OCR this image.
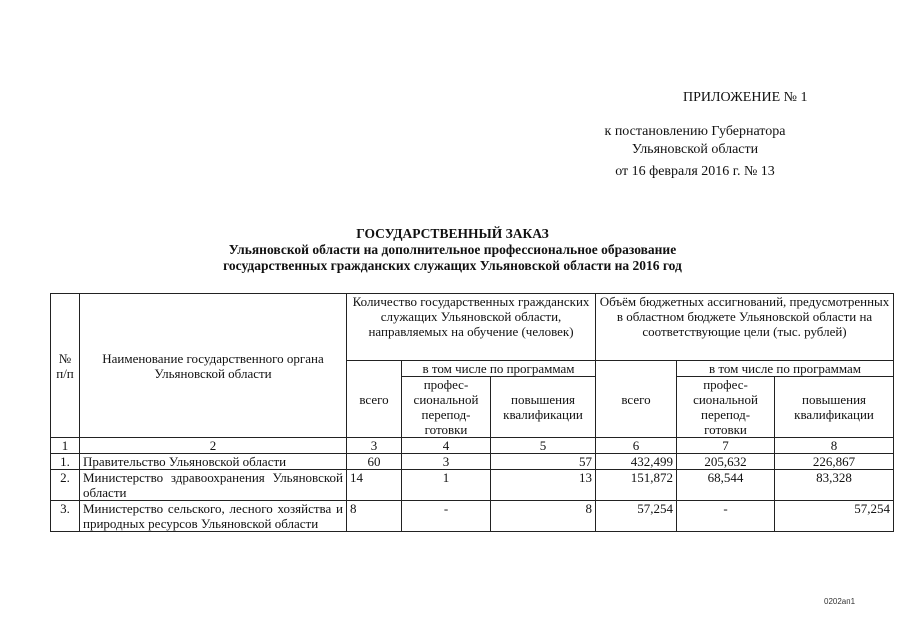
ПРИЛОЖЕНИЕ № 1
к постановлению Губернатора
Ульяновской области
от 16 февраля 2016 г. № 13
ГОСУДАРСТВЕННЫЙ ЗАКАЗ
Ульяновской области на дополнительное профессиональное образование
государственных гражданских служащих Ульяновской области на 2016 год
№ п/п	Наименование государственного органа Ульяновской области	Количество государственных гражданских служащих Ульяновской области, направляемых на обучение (человек)			Объём бюджетных ассигнований, предусмотренных в областном бюджете Ульяновской области на соответствующие цели (тыс. рублей)		
		всего	в том числе по программам		всего	в том числе по программам	
			профес-сиональной перепод-готовки	повышения квалификации		профес-сиональной перепод-готовки	повышения квалификации
1	2	3	4	5	6	7	8
1.	Правительство Ульяновской области	60	3	57	432,499	205,632	226,867
2.	Министерство здравоохранения Ульяновской области	14	1	13	151,872	68,544	83,328
3.	Министерство сельского, лесного хозяйства и природных ресурсов Ульяновской области	8	-	8	57,254	-	57,254
0202ап1
